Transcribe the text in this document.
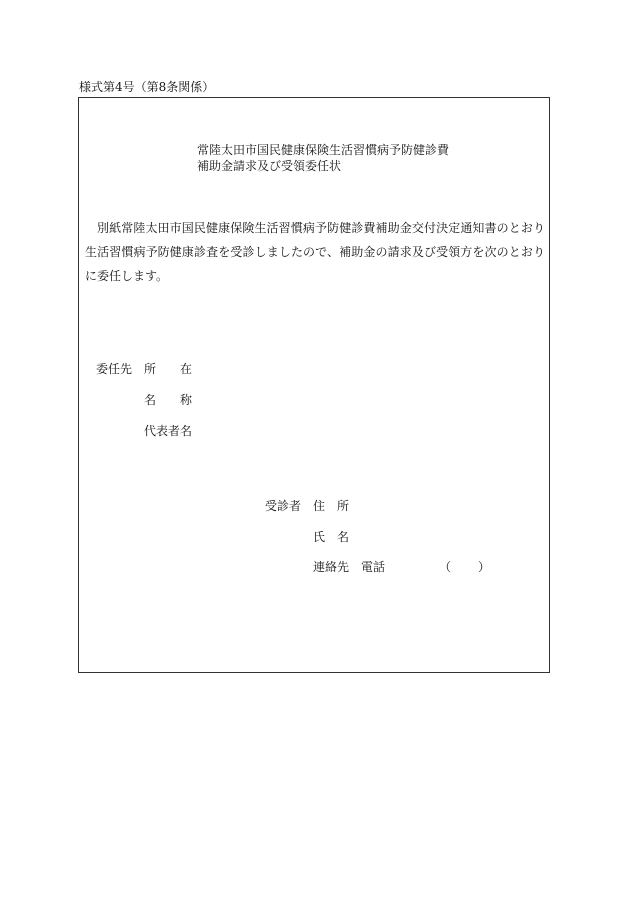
様式第4号（第8条関係）
常陸太田市国民健康保険生活習慣病予防健診費
補助金請求及び受領委任状
別紙常陸太田市国民健康保険生活習慣病予防健診費補助金交付決定通知書のとおり生活習慣病予防健康診査を受診しましたので、補助金の請求及び受領方を次のとおりに委任します。
委任先 所在
名称
代表者名
受診者 住所
氏名
連絡先 電話	（ ）
